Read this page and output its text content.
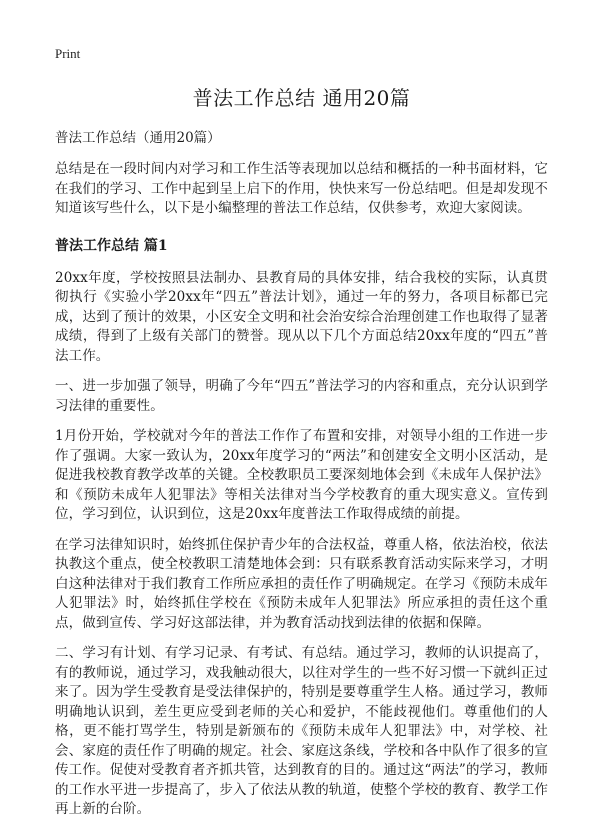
Print
普法工作总结 通用20篇
普法工作总结（通用20篇）

总结是在一段时间内对学习和工作生活等表现加以总结和概括的一种书面材料，它在我们的学习、工作中起到呈上启下的作用，快快来写一份总结吧。但是却发现不知道该写些什么，以下是小编整理的普法工作总结，仅供参考，欢迎大家阅读。

普法工作总结 篇1

20xx年度，学校按照县法制办、县教育局的具体安排，结合我校的实际，认真贯彻执行《实验小学20xx年“四五”普法计划》，通过一年的努力，各项目标都已完成，达到了预计的效果，小区安全文明和社会治安综合治理创建工作也取得了显著成绩，得到了上级有关部门的赞誉。现从以下几个方面总结20xx年度的“四五”普法工作。

一、进一步加强了领导，明确了今年“四五”普法学习的内容和重点，充分认识到学习法律的重要性。

1月份开始，学校就对今年的普法工作作了布置和安排，对领导小组的工作进一步作了强调。大家一致认为，20xx年度学习的“两法”和创建安全文明小区活动，是促进我校教育教学改革的关键。全校教职员工要深刻地体会到《未成年人保护法》和《预防未成年人犯罪法》等相关法律对当今学校教育的重大现实意义。宣传到位，学习到位，认识到位，这是20xx年度普法工作取得成绩的前提。

在学习法律知识时，始终抓住保护青少年的合法权益，尊重人格，依法治校，依法执教这个重点，使全校教职工清楚地体会到：只有联系教育活动实际来学习，才明白这种法律对于我们教育工作所应承担的责任作了明确规定。在学习《预防未成年人犯罪法》时，始终抓住学校在《预防未成年人犯罪法》所应承担的责任这个重点，做到宣传、学习好这部法律，并为教育活动找到法律的依据和保障。

二、学习有计划、有学习记录、有考试、有总结。通过学习，教师的认识提高了，有的教师说，通过学习，戏我触动很大，以往对学生的一些不好习惯一下就纠正过来了。因为学生受教育是受法律保护的，特别是要尊重学生人格。通过学习，教师明确地认识到，差生更应受到老师的关心和爱护，不能歧视他们。尊重他们的人格，更不能打骂学生，特别是新颁布的《预防未成年人犯罪法》中，对学校、社会、家庭的责任作了明确的规定。社会、家庭这条线，学校和各中队作了很多的宣传工作。促使对受教育者齐抓共管，达到教育的目的。通过这“两法”的学习，教师的工作水平进一步提高了，步入了依法从教的轨道，使整个学校的教育、教学工作再上新的台阶。
